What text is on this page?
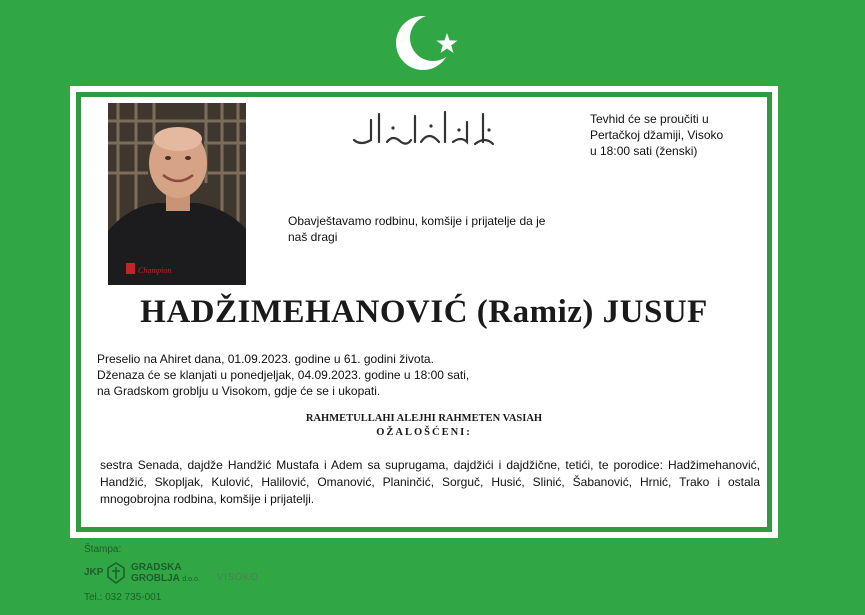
Champion
Tevhid će se proučiti u
Pertačkoj džamiji, Visoko
u 18:00 sati (ženski)
Obavještavamo rodbinu, komšije i prijatelje da je
naš dragi
HADŽIMEHANOVIĆ (Ramiz) JUSUF
Preselio na Ahiret dana, 01.09.2023. godine u 61. godini života.
Dženaza će se klanjati u ponedjeljak, 04.09.2023. godine u 18:00 sati,
na Gradskom groblju u Visokom, gdje će se i ukopati.
RAHMETULLAHI ALEJHI RAHMETEN VASIAH
OŽALOŠĆENI:
sestra Senada, dajdže Handžić Mustafa i Adem sa suprugama, dajdžići i dajdžične, tetići, te porodice: Hadžimehanović, Handžić, Skopljak, Kulović, Halilović, Omanović, Planinčić, Sorguč, Husić, Slinić, Šabanović, Hrnić, Trako i ostala mnogobrojna rodbina, komšije i prijatelji.
Štampa:
JKP	GRADSKA
GROBLJA d.o.o. VISOKO
Tel.: 032 735-001
